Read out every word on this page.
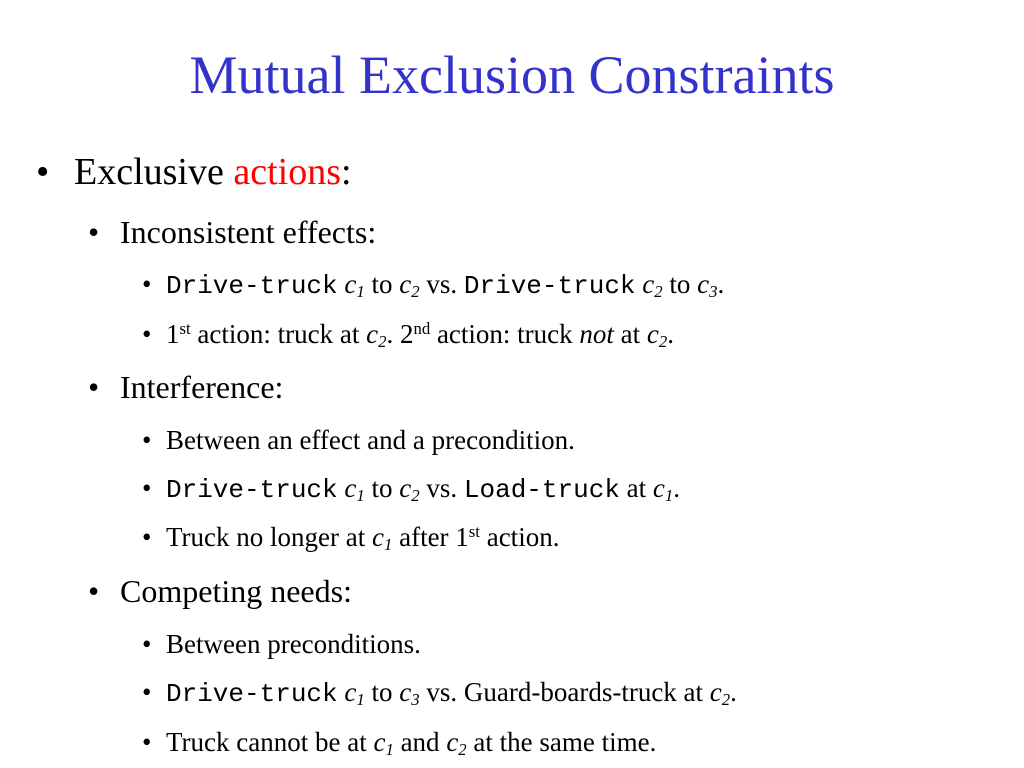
Mutual Exclusion Constraints
• Exclusive actions:
• Inconsistent effects:
• Drive-truck $c_1$ to $c_2$ vs. Drive-truck $c_2$ to $c_3$.
• 1st action: truck at $c_2$. 2nd action: truck not at $c_2$.
• Interference:
• Between an effect and a precondition.
• Drive-truck $c_1$ to $c_2$ vs. Load-truck at $c_1$.
• Truck no longer at $c_1$ after 1st action.
• Competing needs:
• Between preconditions.
• Drive-truck $c_1$ to $c_3$ vs. Guard-boards-truck at $c_2$.
• Truck cannot be at $c_1$ and $c_2$ at the same time.
